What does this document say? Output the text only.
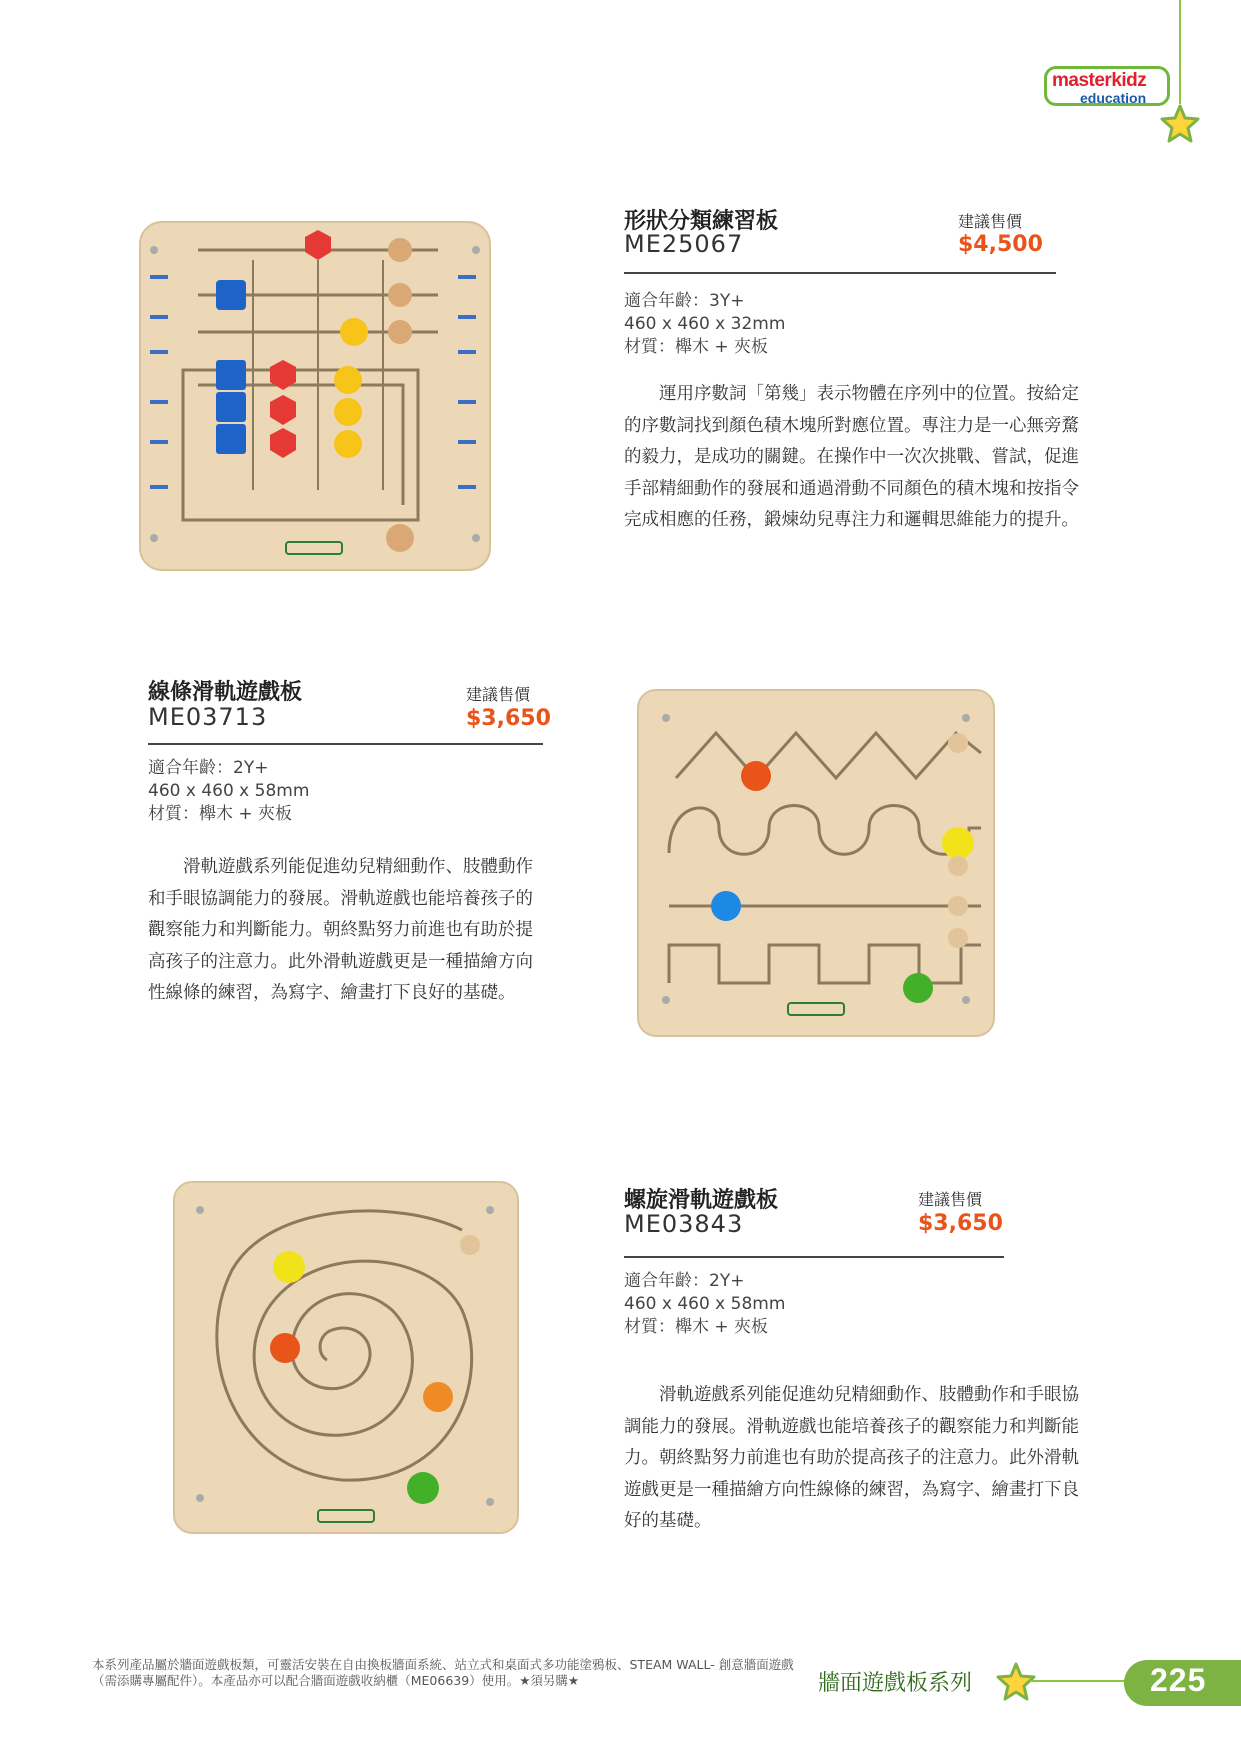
masterkidz
education
形狀分類練習板
ME25067
建議售價
$4,500
適合年齡：3Y+
460 x 460 x 32mm
材質：櫸木 + 夾板
運用序數詞「第幾」表示物體在序列中的位置。按給定的序數詞找到顏色積木塊所對應位置。專注力是一心無旁騖的毅力，是成功的關鍵。在操作中一次次挑戰、嘗試，促進手部精細動作的發展和通過滑動不同顏色的積木塊和按指令完成相應的任務，鍛煉幼兒專注力和邏輯思維能力的提升。
線條滑軌遊戲板
ME03713
建議售價
$3,650
適合年齡：2Y+
460 x 460 x 58mm
材質：櫸木 + 夾板
滑軌遊戲系列能促進幼兒精細動作、肢體動作和手眼協調能力的發展。滑軌遊戲也能培養孩子的觀察能力和判斷能力。朝終點努力前進也有助於提高孩子的注意力。此外滑軌遊戲更是一種描繪方向性線條的練習，為寫字、繪畫打下良好的基礎。
螺旋滑軌遊戲板
ME03843
建議售價
$3,650
適合年齡：2Y+
460 x 460 x 58mm
材質：櫸木 + 夾板
滑軌遊戲系列能促進幼兒精細動作、肢體動作和手眼協調能力的發展。滑軌遊戲也能培養孩子的觀察能力和判斷能力。朝終點努力前進也有助於提高孩子的注意力。此外滑軌遊戲更是一種描繪方向性線條的練習，為寫字、繪畫打下良好的基礎。
本系列產品屬於牆面遊戲板類，可靈活安裝在自由換板牆面系統、站立式和桌面式多功能塗鴉板、STEAM WALL- 創意牆面遊戲（需添購專屬配件）。本產品亦可以配合牆面遊戲收納櫃（ME06639）使用。★須另購★	牆面遊戲板系列	225
